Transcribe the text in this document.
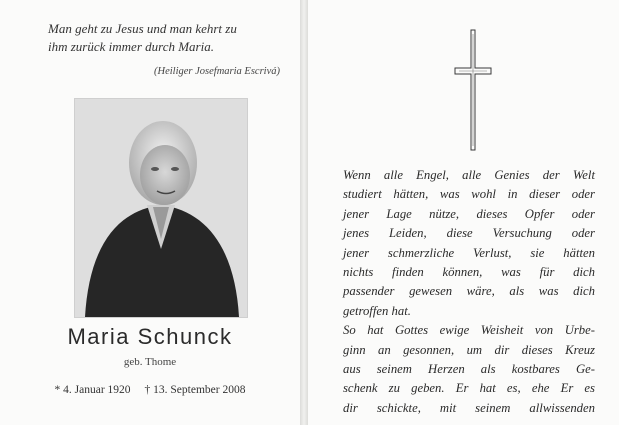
Man geht zu Jesus und man kehrt zu
ihm zurück immer durch Maria.
(Heiliger Josefmaria Escrivá)
Maria Schunck
geb. Thome
* 4. Januar 1920 † 13. September 2008
Wenn alle Engel, alle Genies der Welt
studiert hätten, was wohl in dieser oder
jener Lage nütze, dieses Opfer oder
jenes Leiden, diese Versuchung oder
jener schmerzliche Verlust, sie hätten
nichts finden können, was für dich
passender gewesen wäre, als was dich
getroffen hat.
So hat Gottes ewige Weisheit von Urbe-
ginn an gesonnen, um dir dieses Kreuz
aus seinem Herzen als kostbares Ge-
schenk zu geben. Er hat es, ehe Er es
dir schickte, mit seinem allwissenden
